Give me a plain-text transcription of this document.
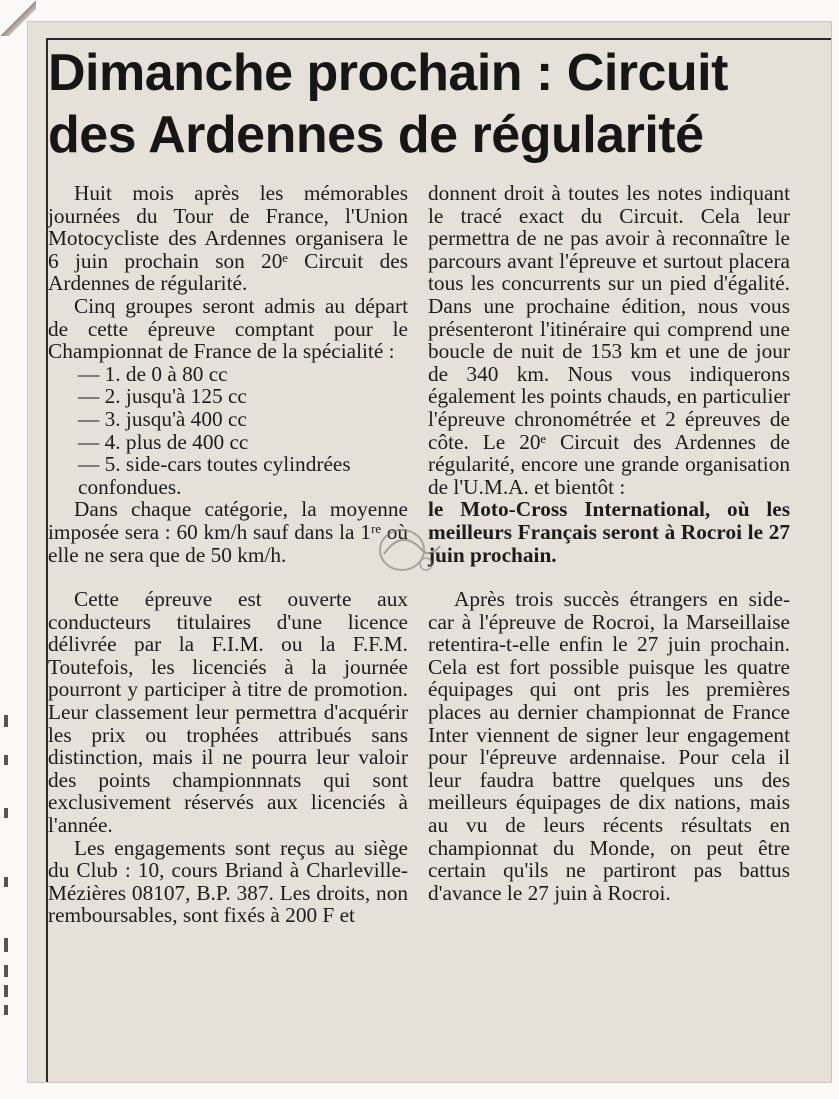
Dimanche prochain : Circuit
des Ardennes de régularité

Huit mois après les mémorables journées du Tour de France, l'Union Motocycliste des Ardennes organisera le 6 juin prochain son 20ᵉ Circuit des Ardennes de régularité.

Cinq groupes seront admis au départ de cette épreuve comptant pour le Championnat de France de la spécialité :

— 1. de 0 à 80 cc
— 2. jusqu'à 125 cc
— 3. jusqu'à 400 cc
— 4. plus de 400 cc
— 5. side-cars toutes cylindrées confondues.

Dans chaque catégorie, la moyenne imposée sera : 60 km/h sauf dans la 1ʳᵉ où elle ne sera que de 50 km/h.

Cette épreuve est ouverte aux conducteurs titulaires d'une licence délivrée par la F.I.M. ou la F.F.M. Toutefois, les licenciés à la journée pourront y participer à titre de promotion. Leur classement leur permettra d'acquérir les prix ou trophées attribués sans distinction, mais il ne pourra leur valoir des points championnnats qui sont exclusivement réservés aux licenciés à l'année.

Les engagements sont reçus au siège du Club : 10, cours Briand à Charleville-Mézières 08107, B.P. 387. Les droits, non remboursables, sont fixés à 200 F et

donnent droit à toutes les notes indiquant le tracé exact du Circuit. Cela leur permettra de ne pas avoir à reconnaître le parcours avant l'épreuve et surtout placera tous les concurrents sur un pied d'égalité. Dans une prochaine édition, nous vous présenteront l'itinéraire qui comprend une boucle de nuit de 153 km et une de jour de 340 km. Nous vous indiquerons également les points chauds, en particulier l'épreuve chronométrée et 2 épreuves de côte. Le 20ᵉ Circuit des Ardennes de régularité, encore une grande organisation de l'U.M.A. et bientôt :

le Moto-Cross International, où les meilleurs Français seront à Rocroi le 27 juin prochain.

Après trois succès étrangers en side-car à l'épreuve de Rocroi, la Marseillaise retentira-t-elle enfin le 27 juin prochain. Cela est fort possible puisque les quatre équipages qui ont pris les premières places au dernier championnat de France Inter viennent de signer leur engagement pour l'épreuve ardennaise. Pour cela il leur faudra battre quelques uns des meilleurs équipages de dix nations, mais au vu de leurs récents résultats en championnat du Monde, on peut être certain qu'ils ne partiront pas battus d'avance le 27 juin à Rocroi.
